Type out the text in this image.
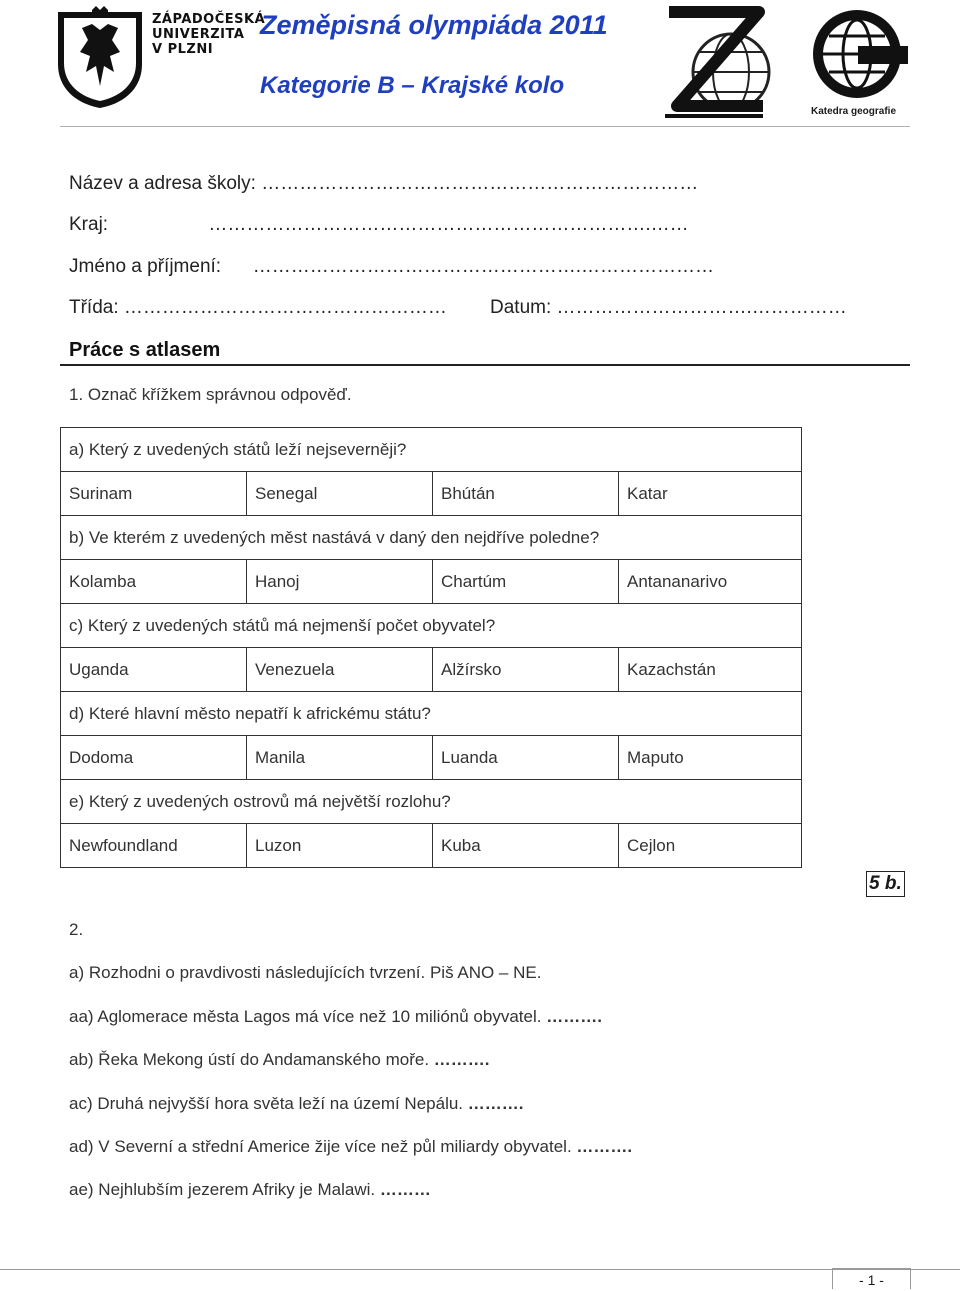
ZÁPADOČESKÁ
UNIVERZITA
V PLZNI
Zeměpisná olympiáda 2011
Kategorie B – Krajské kolo
Katedra geografie
Název a adresa školy: ……………………………………………………………
Kraj:                   …………………………………………………………….……
Jméno a příjmení:      …………………………………………….…………………
Třída: …………………………………………… Datum: ………………………….……………
Práce s atlasem
1. Označ křížkem správnou odpověď.
a) Který z uvedených států leží nejseverněji?			
Surinam	Senegal	Bhútán	Katar
b) Ve kterém z uvedených měst nastává v daný den nejdříve poledne?			
Kolamba	Hanoj	Chartúm	Antananarivo
c) Který z uvedených států má nejmenší počet obyvatel?			
Uganda	Venezuela	Alžírsko	Kazachstán
d) Které hlavní město nepatří k africkému státu?			
Dodoma	Manila	Luanda	Maputo
e) Který z uvedených ostrovů má největší rozlohu?			
Newfoundland	Luzon	Kuba	Cejlon
5 b.
2.
a) Rozhodni o pravdivosti následujících tvrzení. Piš ANO – NE.
aa) Aglomerace města Lagos má více než 10 miliónů obyvatel. ……….
ab) Řeka Mekong ústí do Andamanského moře. ……….
ac) Druhá nejvyšší hora světa leží na území Nepálu. ……….
ad) V Severní a střední Americe žije více než půl miliardy obyvatel. ……….
ae) Nejhlubším jezerem Afriky je Malawi. ………
- 1 -
